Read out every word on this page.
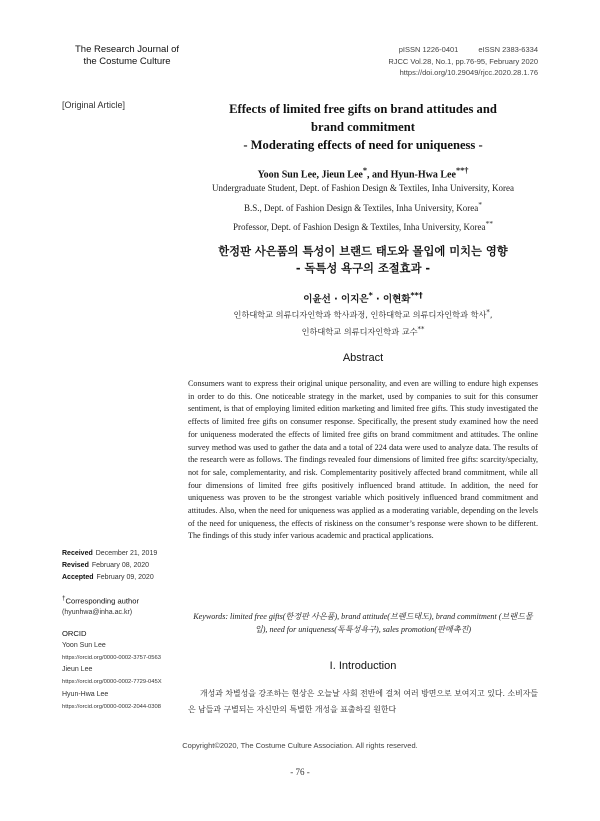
The Research Journal of
the Costume Culture
pISSN 1226-0401	eISSN 2383-6334
RJCC Vol.28, No.1, pp.76-95, February 2020
https://doi.org/10.29049/rjcc.2020.28.1.76
[Original Article]	Effects of limited free gifts on brand attitudes and
brand commitment
- Moderating effects of need for uniqueness -
Yoon Sun Lee, Jieun Lee*, and Hyun-Hwa Lee**†
Undergraduate Student, Dept. of Fashion Design & Textiles, Inha University, Korea
B.S., Dept. of Fashion Design & Textiles, Inha University, Korea*
Professor, Dept. of Fashion Design & Textiles, Inha University, Korea**
한정판 사은품의 특성이 브랜드 태도와 몰입에 미치는 영향
- 독특성 욕구의 조절효과 -
이윤선 · 이지은* · 이현화**†
인하대학교 의류디자인학과 학사과정, 인하대학교 의류디자인학과 학사*,
인하대학교 의류디자인학과 교수**
Abstract
Consumers want to express their original unique personality, and even are willing to endure high expenses in order to do this. One noticeable strategy in the market, used by companies to suit for this consumer sentiment, is that of employing limited edition marketing and limited free gifts. This study investigated the effects of limited free gifts on consumer response. Specifically, the present study examined how the need for uniqueness moderated the effects of limited free gifts on brand commitment and attitudes. The online survey method was used to gather the data and a total of 224 data were used to analyze data. The results of the research were as follows. The findings revealed four dimensions of limited free gifts: scarcity/specialty, not for sale, complementarity, and risk. Complementarity positively affected brand commitment, while all four dimensions of limited free gifts positively influenced brand attitude. In addition, the need for uniqueness was proven to be the strongest variable which positively influenced brand commitment and attitudes. Also, when the need for uniqueness was applied as a moderating variable, depending on the levels of the need for uniqueness, the effects of riskiness on the consumer’s response were shown to be different. The findings of this study infer various academic and practical applications.
Keywords: limited free gifts(한정판 사은품), brand attitude(브랜드태도), brand commitment (브랜드몰입), need for uniqueness(독특성욕구), sales promotion(판매촉진)
Received December 21, 2019
Revised February 08, 2020
Accepted February 09, 2020
†Corresponding author
(hyunhwa@inha.ac.kr)
ORCID
Yoon Sun Lee
https://orcid.org/0000-0002-3757-0563
Jieun Lee
https://orcid.org/0000-0002-7729-045X
Hyun-Hwa Lee
https://orcid.org/0000-0002-2044-0308
I. Introduction

개성과 차별성을 강조하는 현상은 오늘날 사회 전반에 걸쳐 여러 방면으로 보여지고 있다. 소비자들은 남들과 구별되는 자신만의 특별한 개성을 표출하길 원한다

Copyright©2020, The Costume Culture Association. All rights reserved.
- 76 -
